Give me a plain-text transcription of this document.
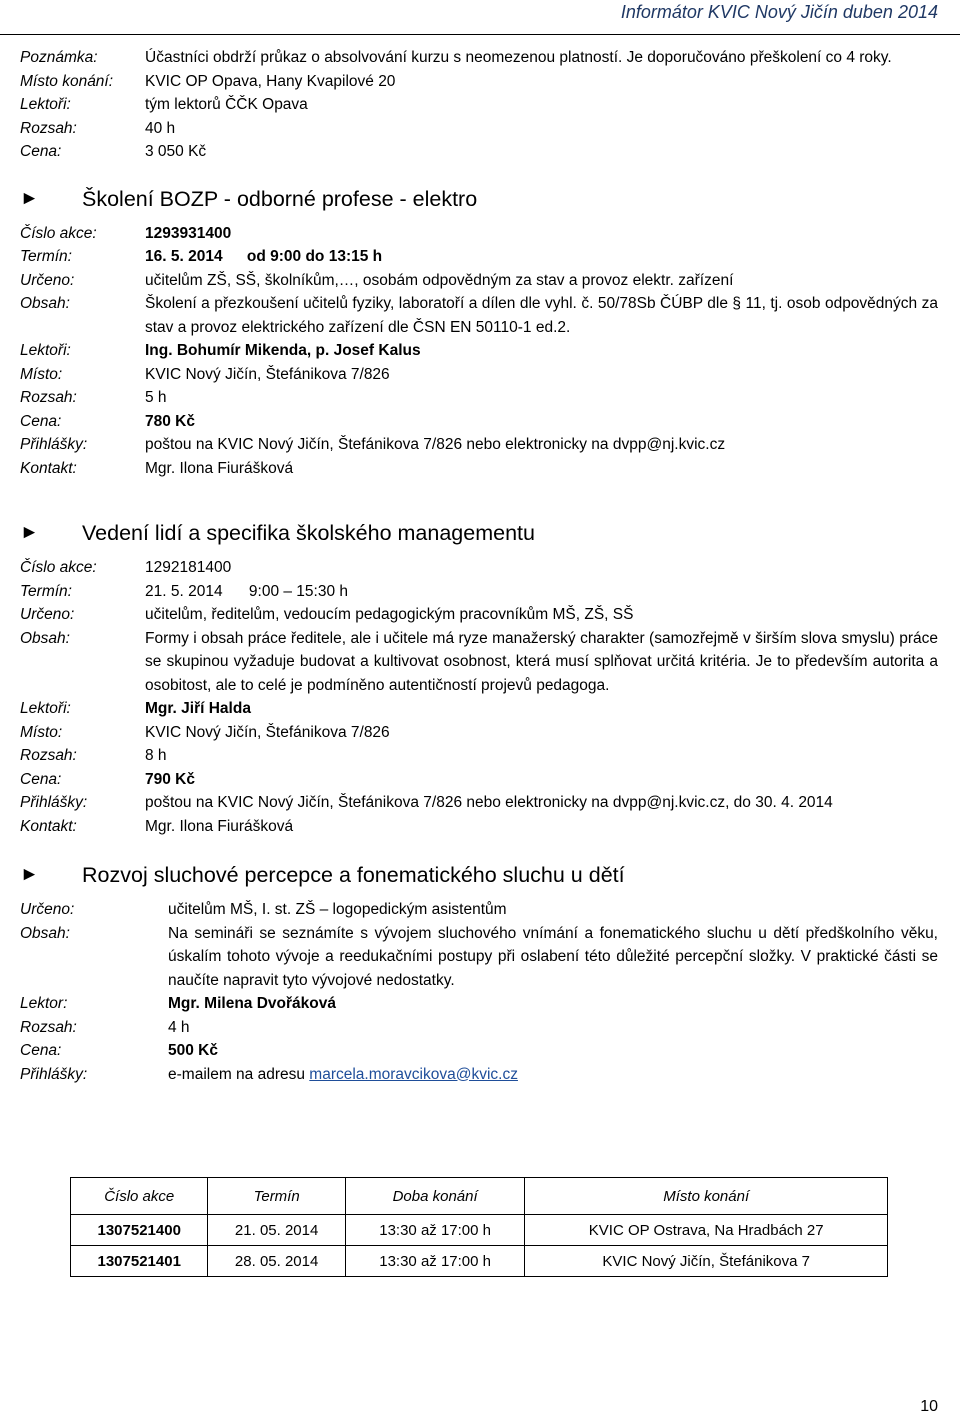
Informátor KVIC Nový Jičín duben 2014
Poznámka:	Účastníci obdrží průkaz o absolvování kurzu s neomezenou platností. Je doporučováno přeškolení co 4 roky.
Místo konání:	KVIC OP Opava, Hany Kvapilové 20
Lektoři:	tým lektorů ČČK Opava
Rozsah:	40 h
Cena:	3 050 Kč
►	Školení BOZP - odborné profese - elektro
Číslo akce:	1293931400
Termín:	16. 5. 2014 od 9:00 do 13:15 h
Určeno:	učitelům ZŠ, SŠ, školníkům,…, osobám odpovědným za stav a provoz elektr. zařízení
Obsah:	Školení a přezkoušení učitelů fyziky, laboratoří a dílen dle vyhl. č. 50/78Sb ČÚBP dle § 11, tj. osob odpovědných za stav a provoz elektrického zařízení dle ČSN EN 50110-1 ed.2.
Lektoři:	Ing. Bohumír Mikenda, p. Josef Kalus
Místo:	KVIC Nový Jičín, Štefánikova 7/826
Rozsah:	5 h
Cena:	780 Kč
Přihlášky:	poštou na KVIC Nový Jičín, Štefánikova 7/826 nebo elektronicky na dvpp@nj.kvic.cz
Kontakt:	Mgr. Ilona Fiurášková
►	Vedení lidí a specifika školského managementu
Číslo akce:	1292181400
Termín:	21. 5. 2014 9:00 – 15:30 h
Určeno:	učitelům, ředitelům, vedoucím pedagogickým pracovníkům MŠ, ZŠ, SŠ
Obsah:	Formy i obsah práce ředitele, ale i učitele má ryze manažerský charakter (samozřejmě v širším slova smyslu) práce se skupinou vyžaduje budovat a kultivovat osobnost, která musí splňovat určitá kritéria. Je to především autorita a osobitost, ale to celé je podmíněno autentičností projevů pedagoga.
Lektoři:	Mgr. Jiří Halda
Místo:	KVIC Nový Jičín, Štefánikova 7/826
Rozsah:	8 h
Cena:	790 Kč
Přihlášky:	poštou na KVIC Nový Jičín, Štefánikova 7/826 nebo elektronicky na dvpp@nj.kvic.cz, do 30. 4. 2014
Kontakt:	Mgr. Ilona Fiurášková
►	Rozvoj sluchové percepce a fonematického sluchu u dětí
Určeno:	učitelům MŠ, I. st. ZŠ – logopedickým asistentům
Obsah:	Na semináři se seznámíte s vývojem sluchového vnímání a fonematického sluchu u dětí předškolního věku, úskalím tohoto vývoje a reedukačními postupy při oslabení této důležité percepční složky. V praktické části se naučíte napravit tyto vývojové nedostatky.
Lektor:	Mgr. Milena Dvořáková
Rozsah:	4 h
Cena:	500 Kč
Přihlášky:	e-mailem na adresu marcela.moravcikova@kvic.cz
Číslo akce	Termín	Doba konání	Místo konání
1307521400	21. 05. 2014	13:30 až 17:00 h	KVIC OP Ostrava, Na Hradbách 27
1307521401	28. 05. 2014	13:30 až 17:00 h	KVIC Nový Jičín, Štefánikova 7
10
